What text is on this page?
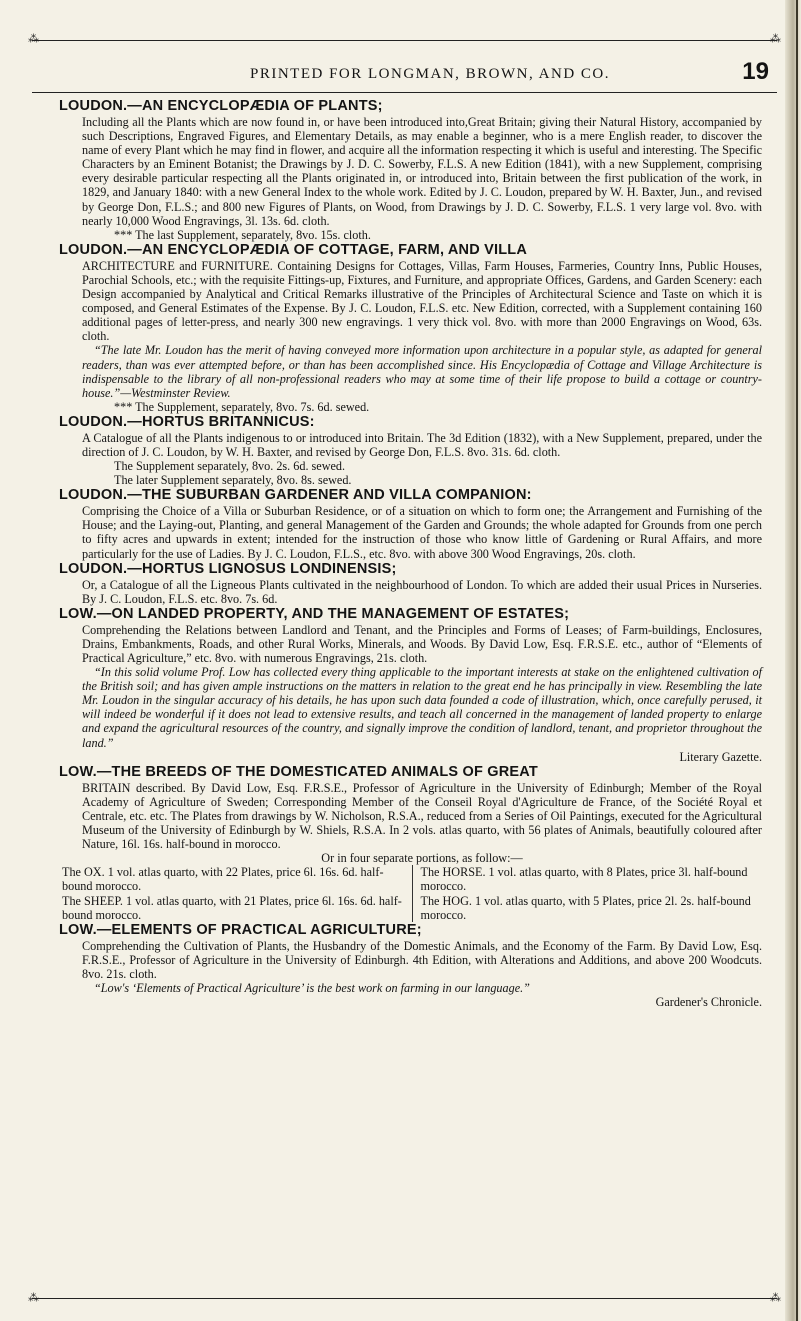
⁂	⁂
PRINTED FOR LONGMAN, BROWN, AND CO.	19

LOUDON.—AN ENCYCLOPÆDIA OF PLANTS;

Including all the Plants which are now found in, or have been introduced into,Great Britain; giving their Natural History, accompanied by such Descriptions, Engraved Figures, and Elementary Details, as may enable a beginner, who is a mere English reader, to discover the name of every Plant which he may find in flower, and acquire all the information respecting it which is useful and interesting. The Specific Characters by an Eminent Botanist; the Drawings by J. D. C. Sowerby, F.L.S. A new Edition (1841), with a new Supplement, comprising every desirable particular respecting all the Plants originated in, or introduced into, Britain between the first publication of the work, in 1829, and January 1840: with a new General Index to the whole work. Edited by J. C. Loudon, prepared by W. H. Baxter, Jun., and revised by George Don, F.L.S.; and 800 new Figures of Plants, on Wood, from Drawings by J. D. C. Sowerby, F.L.S. 1 very large vol. 8vo. with nearly 10,000 Wood Engravings, 3l. 13s. 6d. cloth.

*** The last Supplement, separately, 8vo. 15s. cloth.

LOUDON.—AN ENCYCLOPÆDIA OF COTTAGE, FARM, AND VILLA

ARCHITECTURE and FURNITURE. Containing Designs for Cottages, Villas, Farm Houses, Farmeries, Country Inns, Public Houses, Parochial Schools, etc.; with the requisite Fittings-up, Fixtures, and Furniture, and appropriate Offices, Gardens, and Garden Scenery: each Design accompanied by Analytical and Critical Remarks illustrative of the Principles of Architectural Science and Taste on which it is composed, and General Estimates of the Expense. By J. C. Loudon, F.L.S. etc. New Edition, corrected, with a Supplement containing 160 additional pages of letter-press, and nearly 300 new engravings. 1 very thick vol. 8vo. with more than 2000 Engravings on Wood, 63s. cloth.

“The late Mr. Loudon has the merit of having conveyed more information upon architecture in a popular style, as adapted for general readers, than was ever attempted before, or than has been accomplished since. His Encyclopædia of Cottage and Village Architecture is indispensable to the library of all non-professional readers who may at some time of their life propose to build a cottage or country-house.”—Westminster Review.

*** The Supplement, separately, 8vo. 7s. 6d. sewed.

LOUDON.—HORTUS BRITANNICUS:

A Catalogue of all the Plants indigenous to or introduced into Britain. The 3d Edition (1832), with a New Supplement, prepared, under the direction of J. C. Loudon, by W. H. Baxter, and revised by George Don, F.L.S. 8vo. 31s. 6d. cloth.

The Supplement separately, 8vo. 2s. 6d. sewed.

The later Supplement separately, 8vo. 8s. sewed.

LOUDON.—THE SUBURBAN GARDENER AND VILLA COMPANION:

Comprising the Choice of a Villa or Suburban Residence, or of a situation on which to form one; the Arrangement and Furnishing of the House; and the Laying-out, Planting, and general Management of the Garden and Grounds; the whole adapted for Grounds from one perch to fifty acres and upwards in extent; intended for the instruction of those who know little of Gardening or Rural Affairs, and more particularly for the use of Ladies. By J. C. Loudon, F.L.S., etc. 8vo. with above 300 Wood Engravings, 20s. cloth.

LOUDON.—HORTUS LIGNOSUS LONDINENSIS;

Or, a Catalogue of all the Ligneous Plants cultivated in the neighbourhood of London. To which are added their usual Prices in Nurseries. By J. C. Loudon, F.L.S. etc. 8vo. 7s. 6d.

LOW.—ON LANDED PROPERTY, AND THE MANAGEMENT OF ESTATES;

Comprehending the Relations between Landlord and Tenant, and the Principles and Forms of Leases; of Farm-buildings, Enclosures, Drains, Embankments, Roads, and other Rural Works, Minerals, and Woods. By David Low, Esq. F.R.S.E. etc., author of “Elements of Practical Agriculture,” etc. 8vo. with numerous Engravings, 21s. cloth.

“In this solid volume Prof. Low has collected every thing applicable to the important interests at stake on the enlightened cultivation of the British soil; and has given ample instructions on the matters in relation to the great end he has principally in view. Resembling the late Mr. Loudon in the singular accuracy of his details, he has upon such data founded a code of illustration, which, once carefully perused, it will indeed be wonderful if it does not lead to extensive results, and teach all concerned in the management of landed property to enlarge and expand the agricultural resources of the country, and signally improve the condition of landlord, tenant, and proprietor throughout the land.”

Literary Gazette.

LOW.—THE BREEDS OF THE DOMESTICATED ANIMALS OF GREAT

BRITAIN described. By David Low, Esq. F.R.S.E., Professor of Agriculture in the University of Edinburgh; Member of the Royal Academy of Agriculture of Sweden; Corresponding Member of the Conseil Royal d'Agriculture de France, of the Société Royal et Centrale, etc. etc. The Plates from drawings by W. Nicholson, R.S.A., reduced from a Series of Oil Paintings, executed for the Agricultural Museum of the University of Edinburgh by W. Shiels, R.S.A. In 2 vols. atlas quarto, with 56 plates of Animals, beautifully coloured after Nature, 16l. 16s. half-bound in morocco.

Or in four separate portions, as follow:—

The OX. 1 vol. atlas quarto, with 22 Plates, price 6l. 16s. 6d. half-bound morocco.

The SHEEP. 1 vol. atlas quarto, with 21 Plates, price 6l. 16s. 6d. half-bound morocco.

The HORSE. 1 vol. atlas quarto, with 8 Plates, price 3l. half-bound morocco.

The HOG. 1 vol. atlas quarto, with 5 Plates, price 2l. 2s. half-bound morocco.

LOW.—ELEMENTS OF PRACTICAL AGRICULTURE;

Comprehending the Cultivation of Plants, the Husbandry of the Domestic Animals, and the Economy of the Farm. By David Low, Esq. F.R.S.E., Professor of Agriculture in the University of Edinburgh. 4th Edition, with Alterations and Additions, and above 200 Woodcuts. 8vo. 21s. cloth.

“Low's ‘Elements of Practical Agriculture’ is the best work on farming in our language.”

Gardener's Chronicle.

⁂	⁂
